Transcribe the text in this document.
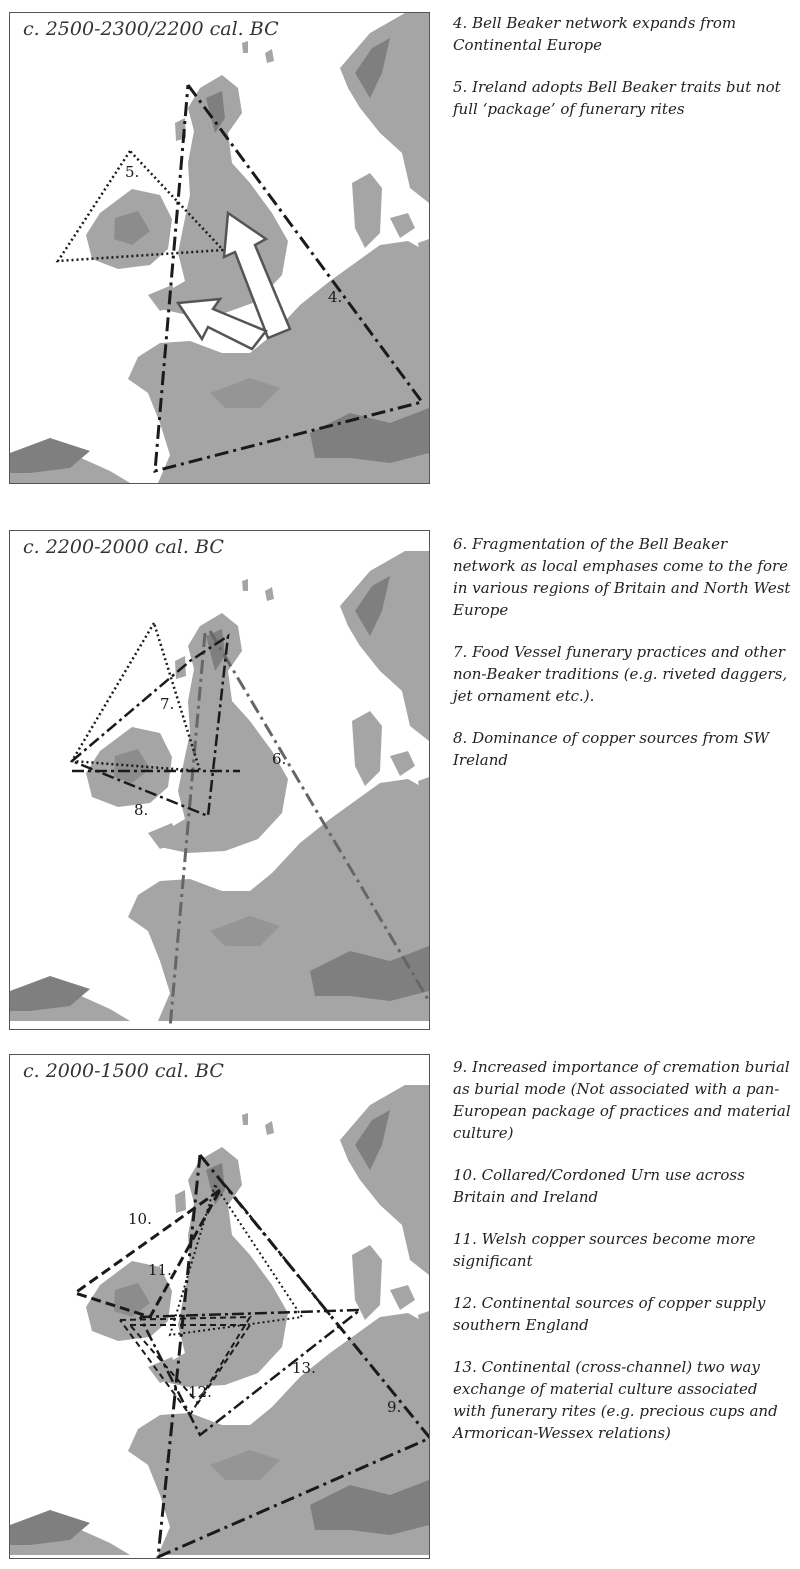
5.
4.
c. 2500-2300/2200 cal. BC	4. Bell Beaker network expands from Continental Europe

5. Ireland adopts Bell Beaker traits but not full ‘package’ of funerary rites

7.
6.
8.
c. 2200-2000 cal. BC	6. Fragmentation of the Bell Beaker network as local emphases come to the fore in various regions of Britain and North West Europe

7. Food Vessel funerary practices and other non-Beaker traditions (e.g. riveted daggers, jet ornament etc.).

8. Dominance of copper sources from SW Ireland

10.
11.
12.
13.
9.
c. 2000-1500 cal. BC	9. Increased importance of cremation burial as burial mode (Not associated with a pan-European package of practices and material culture)

10. Collared/Cordoned Urn use across Britain and Ireland

11. Welsh copper sources become more significant

12. Continental sources of copper supply southern England

13. Continental (cross-channel) two way exchange of material culture associated with funerary rites (e.g. precious cups and Armorican-Wessex relations)
